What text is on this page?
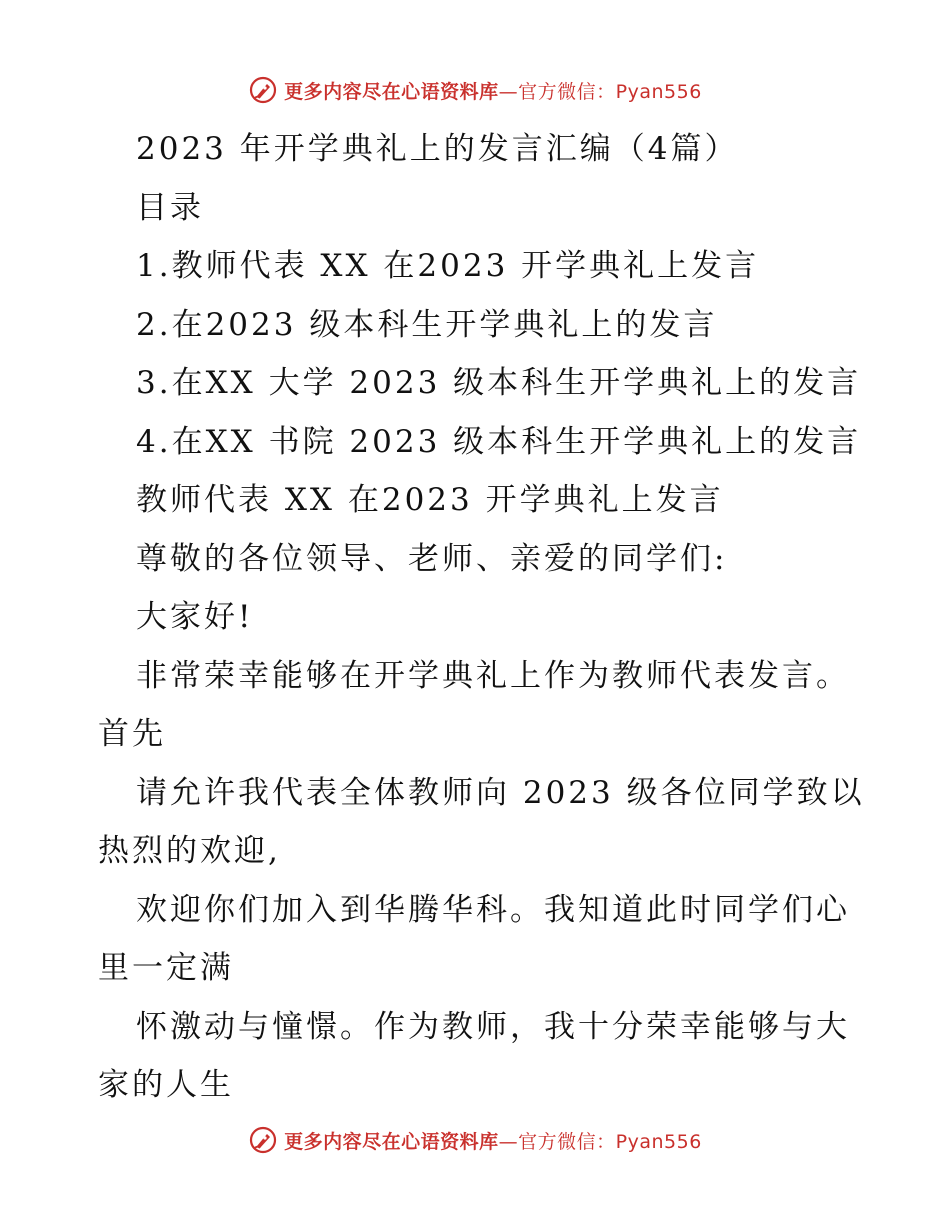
更多内容尽在心语资料库—官方微信：Pyan556
2023 年开学典礼上的发言汇编（4篇）
目录
1.教师代表 XX 在2023 开学典礼上发言
2.在2023 级本科生开学典礼上的发言
3.在XX 大学 2023 级本科生开学典礼上的发言
4.在XX 书院 2023 级本科生开学典礼上的发言
教师代表 XX 在2023 开学典礼上发言
尊敬的各位领导、老师、亲爱的同学们:
大家好!
非常荣幸能够在开学典礼上作为教师代表发言。
首先
请允许我代表全体教师向 2023 级各位同学致以
热烈的欢迎,
欢迎你们加入到华腾华科。我知道此时同学们心
里一定满
怀激动与憧憬。作为教师，我十分荣幸能够与大
家的人生
更多内容尽在心语资料库—官方微信：Pyan556
